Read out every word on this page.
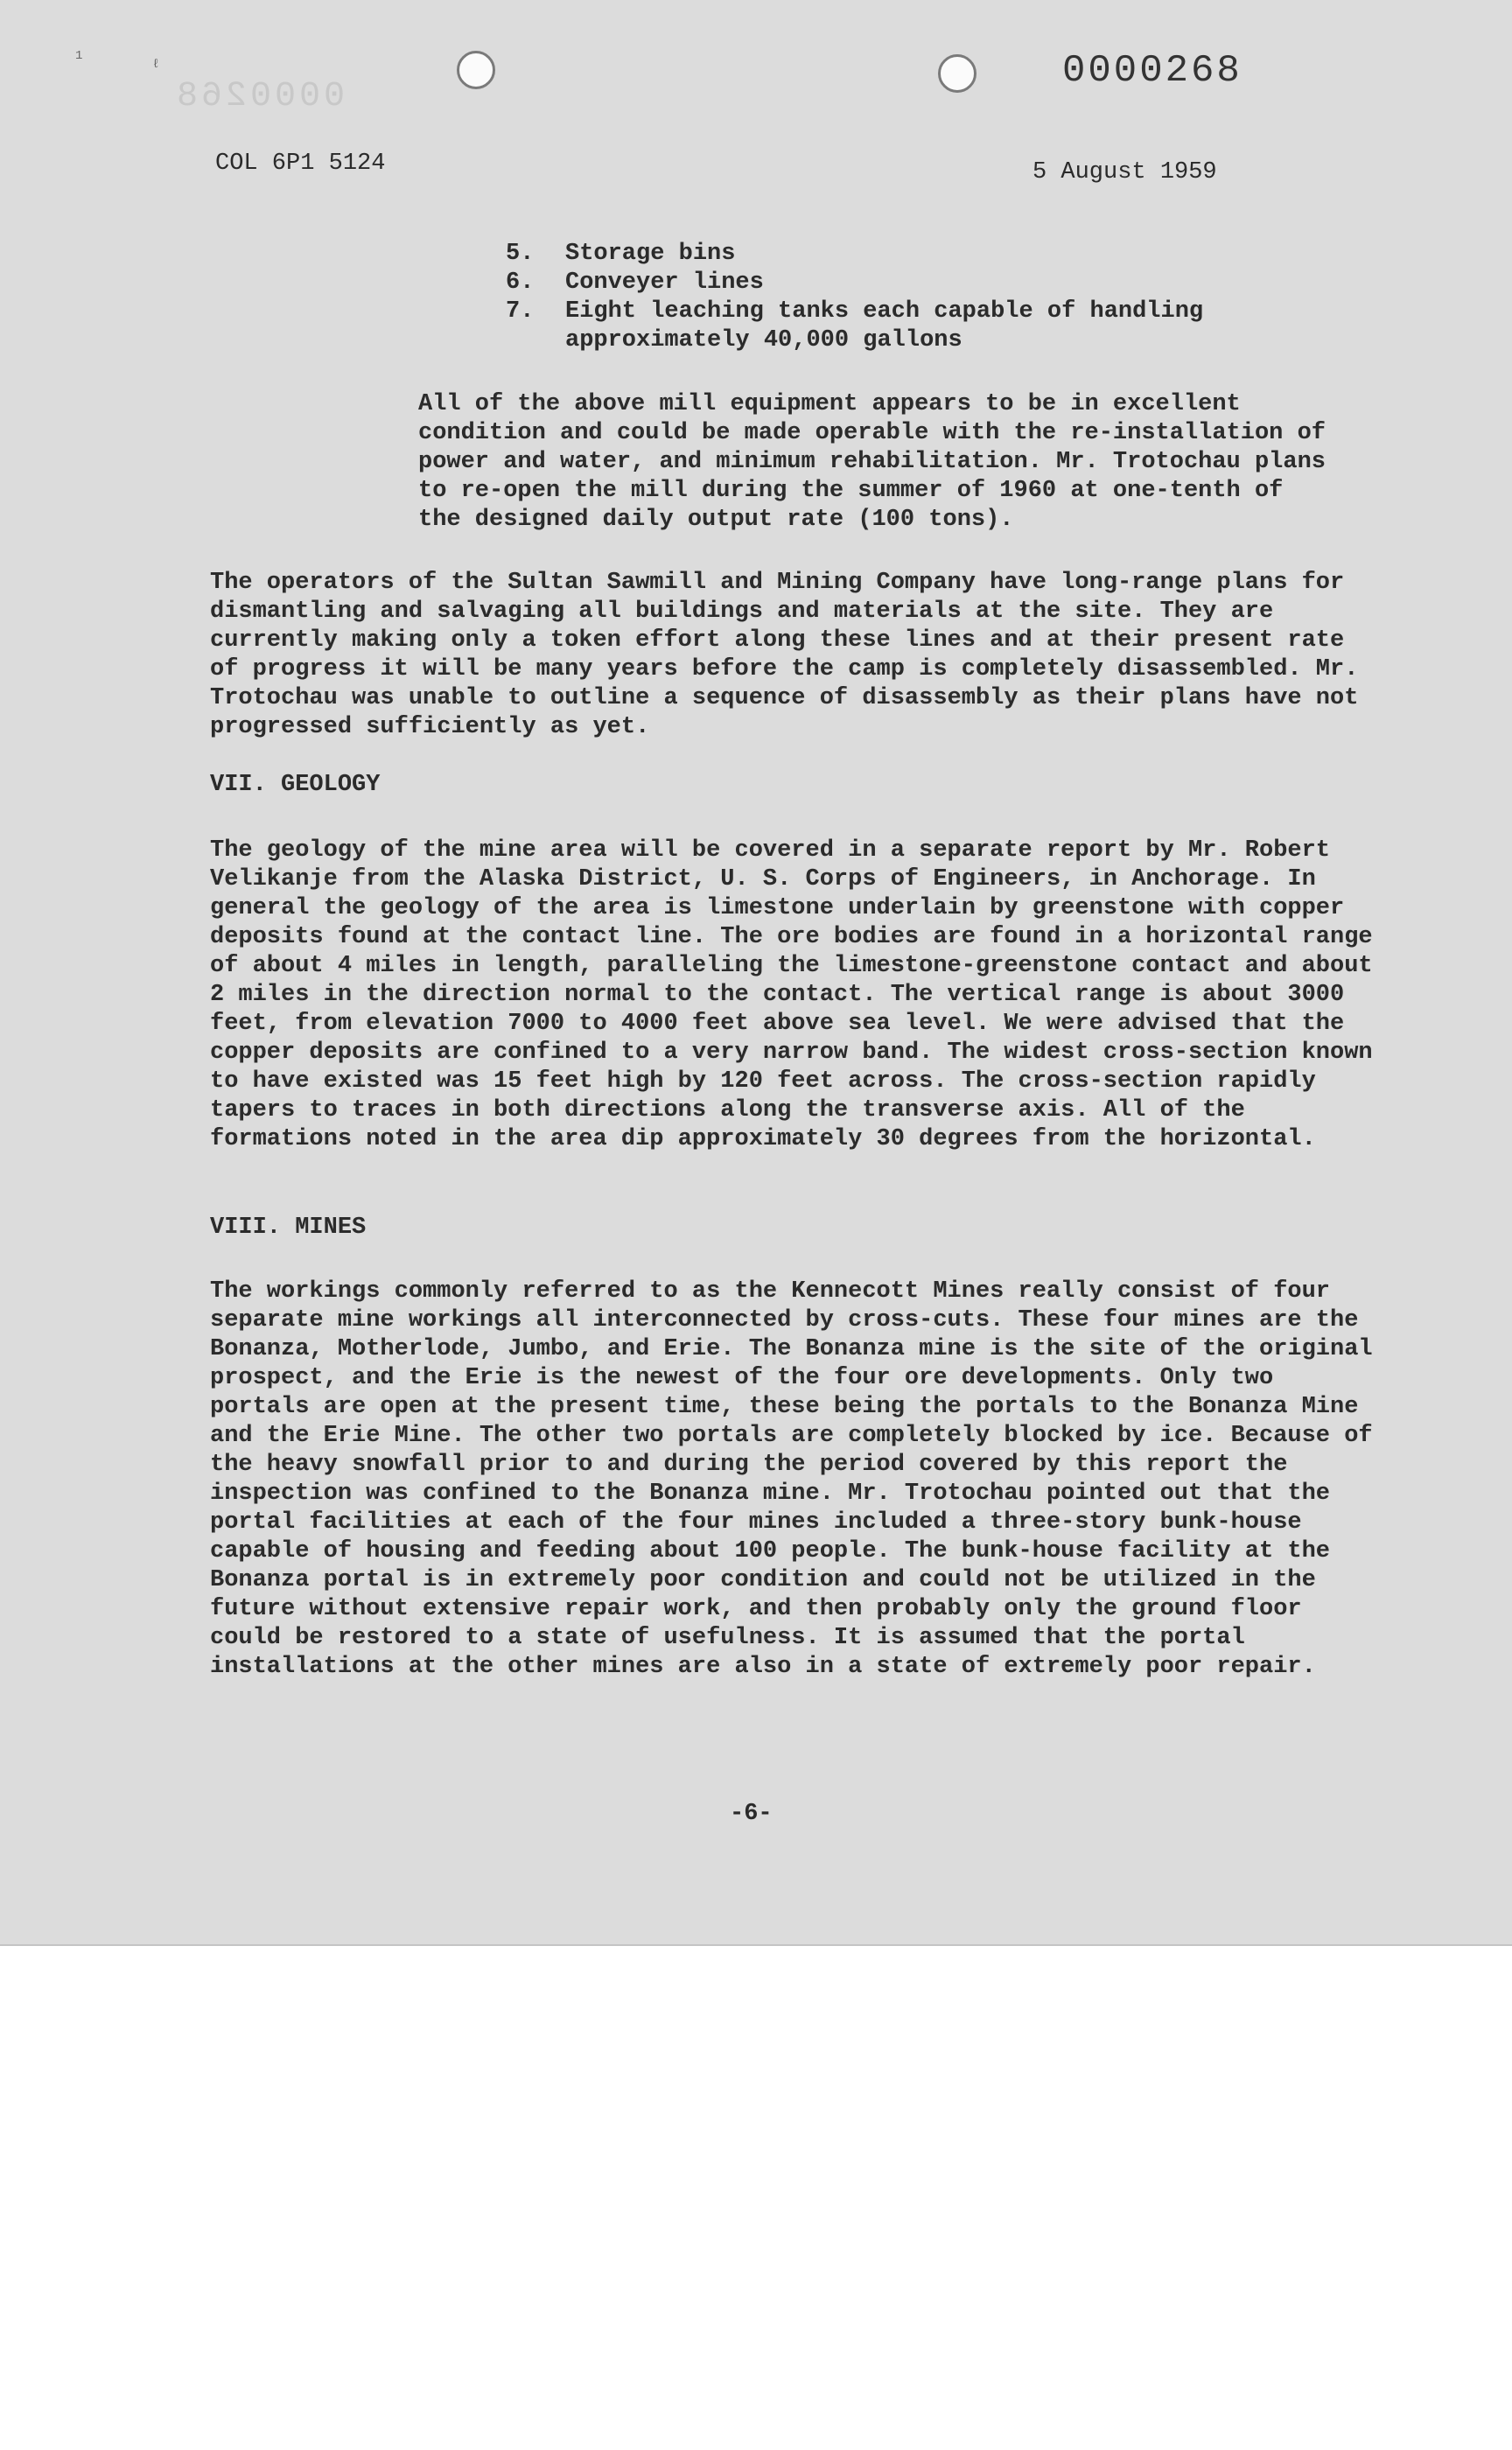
0000268
1
ℓ	0000268
COL 6P1 5124	5 August 1959
5.	Storage bins
6.	Conveyer lines
7.	Eight leaching tanks each capable of handling approximately 40,000 gallons

All of the above mill equipment appears to be in excellent condition and could be made operable with the re-installation of power and water, and minimum rehabilitation. Mr. Trotochau plans to re-open the mill during the summer of 1960 at one-tenth of the designed daily output rate (100 tons).

The operators of the Sultan Sawmill and Mining Company have long-range plans for dismantling and salvaging all buildings and materials at the site. They are currently making only a token effort along these lines and at their present rate of progress it will be many years before the camp is completely disassembled. Mr. Trotochau was unable to outline a sequence of disassembly as their plans have not progressed sufficiently as yet.

VII. GEOLOGY

The geology of the mine area will be covered in a separate report by Mr. Robert Velikanje from the Alaska District, U. S. Corps of Engineers, in Anchorage. In general the geology of the area is limestone underlain by greenstone with copper deposits found at the contact line. The ore bodies are found in a horizontal range of about 4 miles in length, paralleling the limestone-greenstone contact and about 2 miles in the direction normal to the contact. The vertical range is about 3000 feet, from elevation 7000 to 4000 feet above sea level. We were advised that the copper deposits are confined to a very narrow band. The widest cross-section known to have existed was 15 feet high by 120 feet across. The cross-section rapidly tapers to traces in both directions along the transverse axis. All of the formations noted in the area dip approximately 30 degrees from the horizontal.

VIII. MINES

The workings commonly referred to as the Kennecott Mines really consist of four separate mine workings all interconnected by cross-cuts. These four mines are the Bonanza, Motherlode, Jumbo, and Erie. The Bonanza mine is the site of the original prospect, and the Erie is the newest of the four ore developments. Only two portals are open at the present time, these being the portals to the Bonanza Mine and the Erie Mine. The other two portals are completely blocked by ice. Because of the heavy snowfall prior to and during the period covered by this report the inspection was confined to the Bonanza mine. Mr. Trotochau pointed out that the portal facilities at each of the four mines included a three-story bunk-house capable of housing and feeding about 100 people. The bunk-house facility at the Bonanza portal is in extremely poor condition and could not be utilized in the future without extensive repair work, and then probably only the ground floor could be restored to a state of usefulness. It is assumed that the portal installations at the other mines are also in a state of extremely poor repair.

-6-
